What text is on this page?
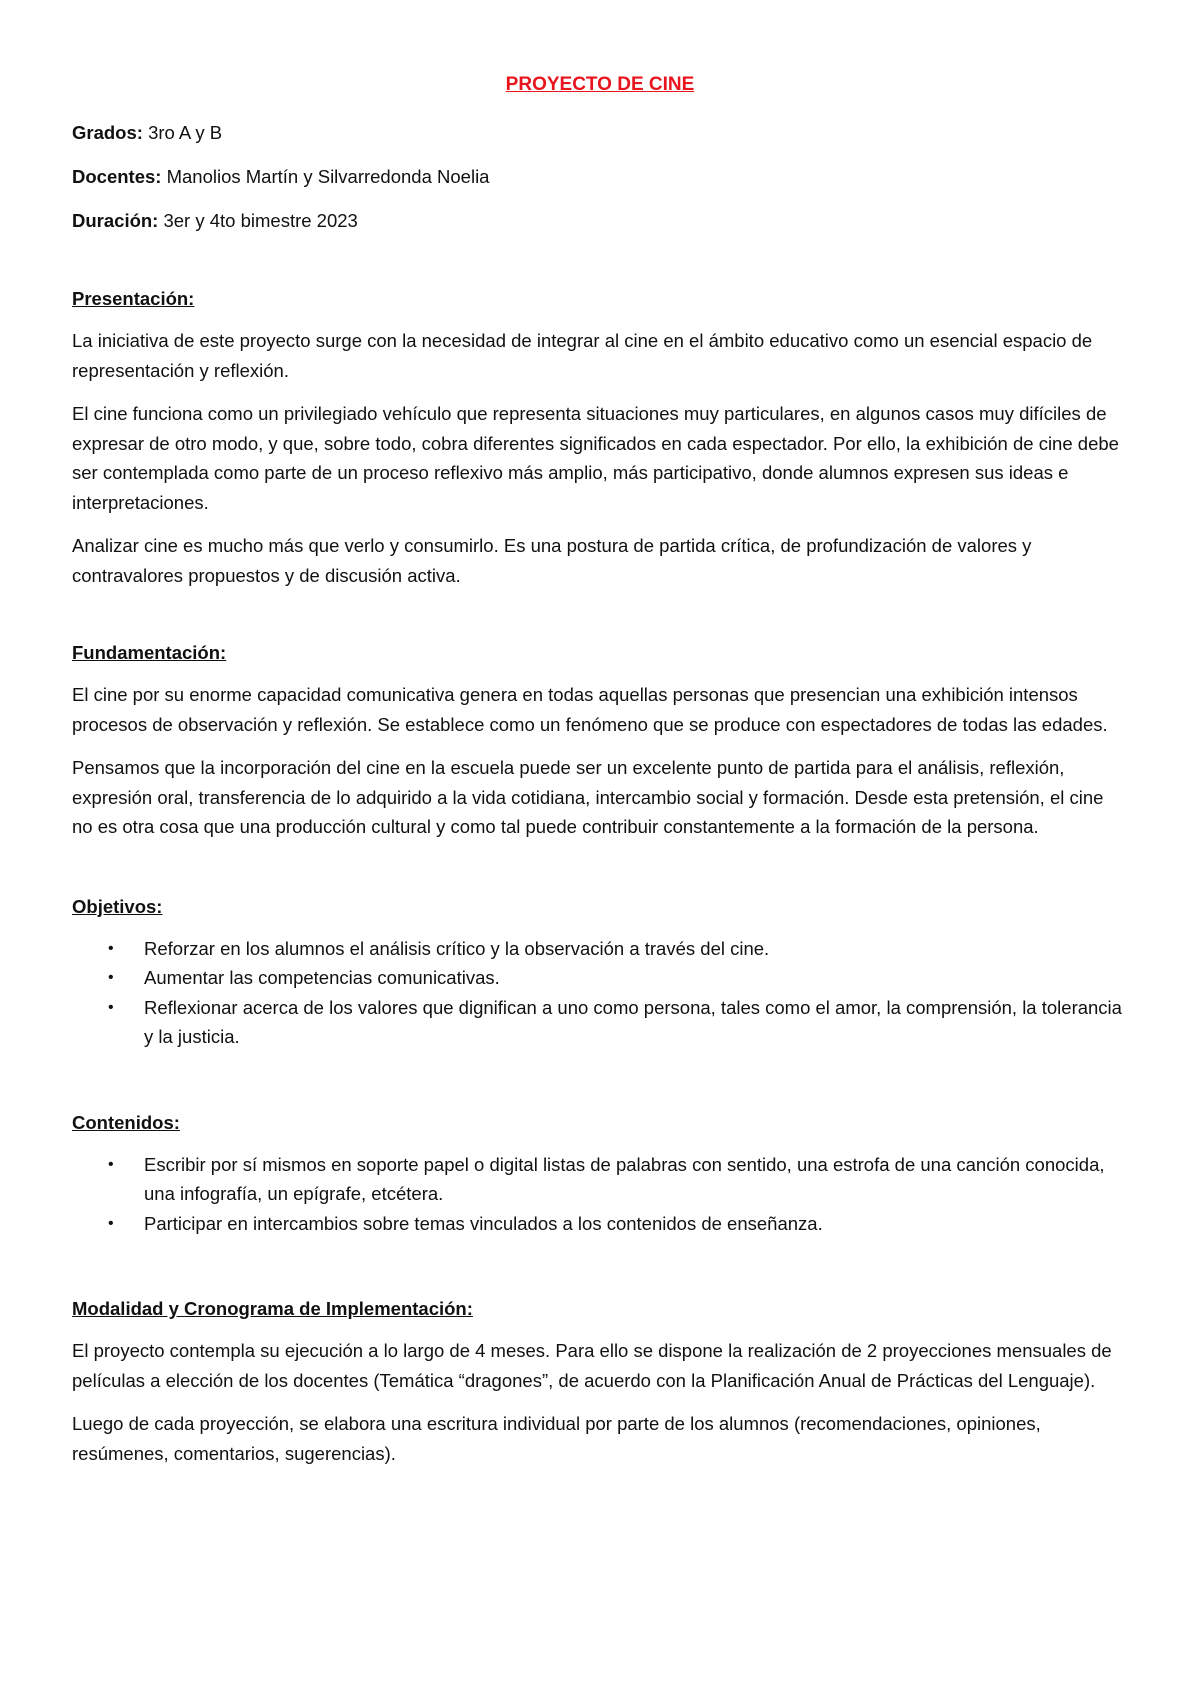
PROYECTO DE CINE
Grados: 3ro A y B
Docentes: Manolios Martín y Silvarredonda Noelia
Duración: 3er y 4to bimestre 2023
Presentación:

La iniciativa de este proyecto surge con la necesidad de integrar al cine en el ámbito educativo como un esencial espacio de representación y reflexión.

El cine funciona como un privilegiado vehículo que representa situaciones muy particulares, en algunos casos muy difíciles de expresar de otro modo, y que, sobre todo, cobra diferentes significados en cada espectador. Por ello, la exhibición de cine debe ser contemplada como parte de un proceso reflexivo más amplio, más participativo, donde alumnos expresen sus ideas e interpretaciones.

Analizar cine es mucho más que verlo y consumirlo. Es una postura de partida crítica, de profundización de valores y contravalores propuestos y de discusión activa.

Fundamentación:

El cine por su enorme capacidad comunicativa genera en todas aquellas personas que presencian una exhibición intensos procesos de observación y reflexión. Se establece como un fenómeno que se produce con espectadores de todas las edades.

Pensamos que la incorporación del cine en la escuela puede ser un excelente punto de partida para el análisis, reflexión, expresión oral, transferencia de lo adquirido a la vida cotidiana, intercambio social y formación. Desde esta pretensión, el cine no es otra cosa que una producción cultural y como tal puede contribuir constantemente a la formación de la persona.

Objetivos:
• Reforzar en los alumnos el análisis crítico y la observación a través del cine.
• Aumentar las competencias comunicativas.
• Reflexionar acerca de los valores que dignifican a uno como persona, tales como el amor, la comprensión, la tolerancia y la justicia.
Contenidos:
• Escribir por sí mismos en soporte papel o digital listas de palabras con sentido, una estrofa de una canción conocida, una infografía, un epígrafe, etcétera.
• Participar en intercambios sobre temas vinculados a los contenidos de enseñanza.
Modalidad y Cronograma de Implementación:

El proyecto contempla su ejecución a lo largo de 4 meses. Para ello se dispone la realización de 2 proyecciones mensuales de películas a elección de los docentes (Temática “dragones”, de acuerdo con la Planificación Anual de Prácticas del Lenguaje).

Luego de cada proyección, se elabora una escritura individual por parte de los alumnos (recomendaciones, opiniones, resúmenes, comentarios, sugerencias).
